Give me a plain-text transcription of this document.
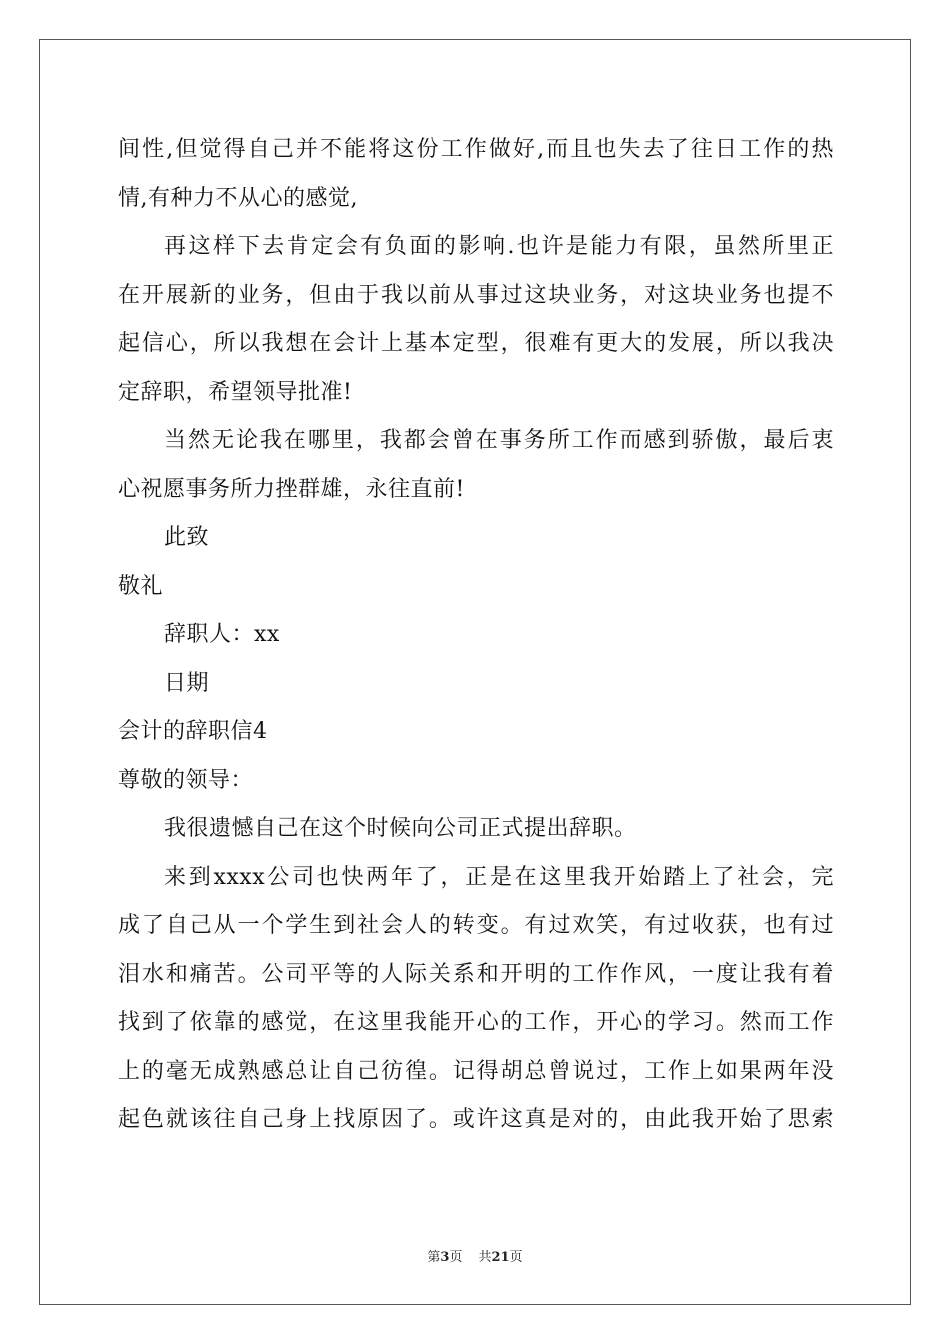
间性,但觉得自己并不能将这份工作做好,而且也失去了往日工作的热
情,有种力不从心的感觉,
再这样下去肯定会有负面的影响.也许是能力有限，虽然所里正
在开展新的业务，但由于我以前从事过这块业务，对这块业务也提不
起信心，所以我想在会计上基本定型，很难有更大的发展，所以我决
定辞职，希望领导批准!
当然无论我在哪里，我都会曾在事务所工作而感到骄傲，最后衷
心祝愿事务所力挫群雄，永往直前!
此致
敬礼
辞职人：xx
日期
会计的辞职信4
尊敬的领导：
我很遗憾自己在这个时候向公司正式提出辞职。
来到xxxx公司也快两年了，正是在这里我开始踏上了社会，完
成了自己从一个学生到社会人的转变。有过欢笑，有过收获，也有过
泪水和痛苦。公司平等的人际关系和开明的工作作风，一度让我有着
找到了依靠的感觉，在这里我能开心的工作，开心的学习。然而工作
上的毫无成熟感总让自己彷徨。记得胡总曾说过，工作上如果两年没
起色就该往自己身上找原因了。或许这真是对的，由此我开始了思索
第3页 共21页
